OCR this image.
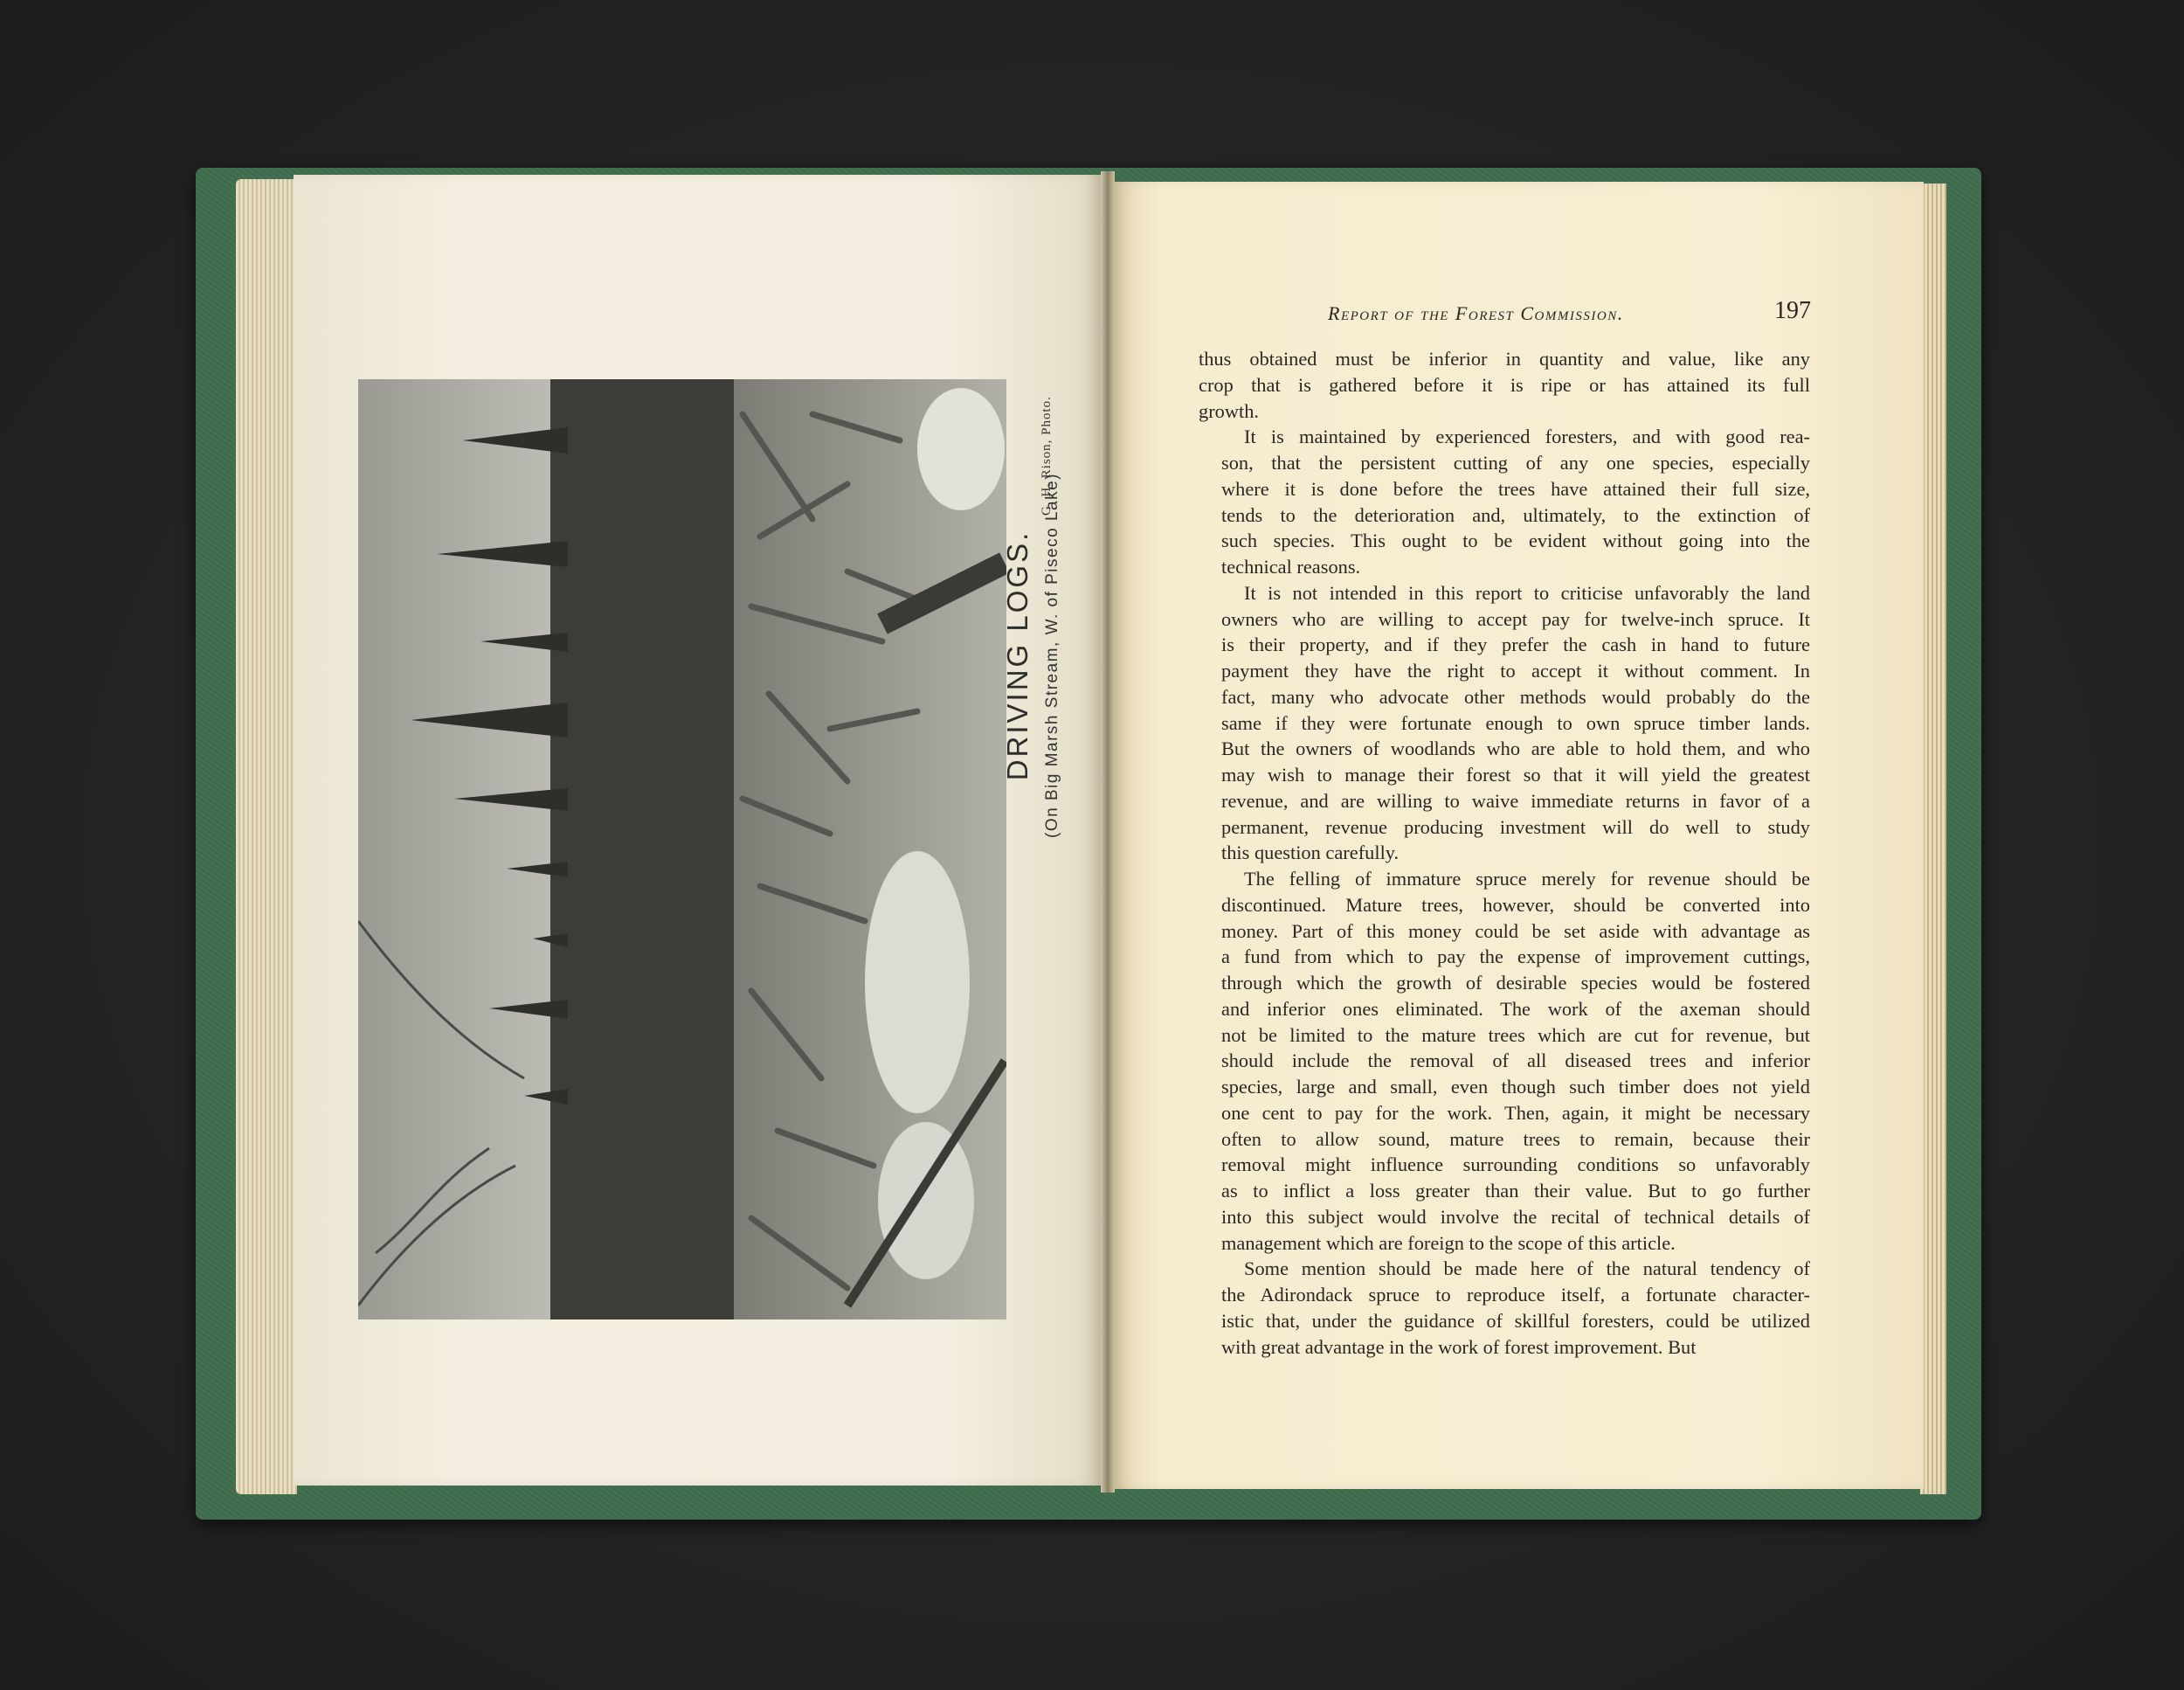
DRIVING LOGS. (On Big Marsh Stream, W. of Piseco Lake)
G. H. Rison, Photo.
Report of the Forest Commission.	197

thus obtained must be inferior in quantity and value, like any
crop that is gathered before it is ripe or has attained its full
growth.

It is maintained by experienced foresters, and with good rea-
son, that the persistent cutting of any one species, especially
where it is done before the trees have attained their full size,
tends to the deterioration and, ultimately, to the extinction of
such species. This ought to be evident without going into the
technical reasons.

It is not intended in this report to criticise unfavorably the land
owners who are willing to accept pay for twelve-inch spruce. It
is their property, and if they prefer the cash in hand to future
payment they have the right to accept it without comment. In
fact, many who advocate other methods would probably do the
same if they were fortunate enough to own spruce timber lands.
But the owners of woodlands who are able to hold them, and who
may wish to manage their forest so that it will yield the greatest
revenue, and are willing to waive immediate returns in favor of a
permanent, revenue producing investment will do well to study
this question carefully.

The felling of immature spruce merely for revenue should be
discontinued. Mature trees, however, should be converted into
money. Part of this money could be set aside with advantage as
a fund from which to pay the expense of improvement cuttings,
through which the growth of desirable species would be fostered
and inferior ones eliminated. The work of the axeman should
not be limited to the mature trees which are cut for revenue, but
should include the removal of all diseased trees and inferior
species, large and small, even though such timber does not yield
one cent to pay for the work. Then, again, it might be necessary
often to allow sound, mature trees to remain, because their
removal might influence surrounding conditions so unfavorably
as to inflict a loss greater than their value. But to go further
into this subject would involve the recital of technical details of
management which are foreign to the scope of this article.

Some mention should be made here of the natural tendency of
the Adirondack spruce to reproduce itself, a fortunate character-
istic that, under the guidance of skillful foresters, could be utilized
with great advantage in the work of forest improvement. But
